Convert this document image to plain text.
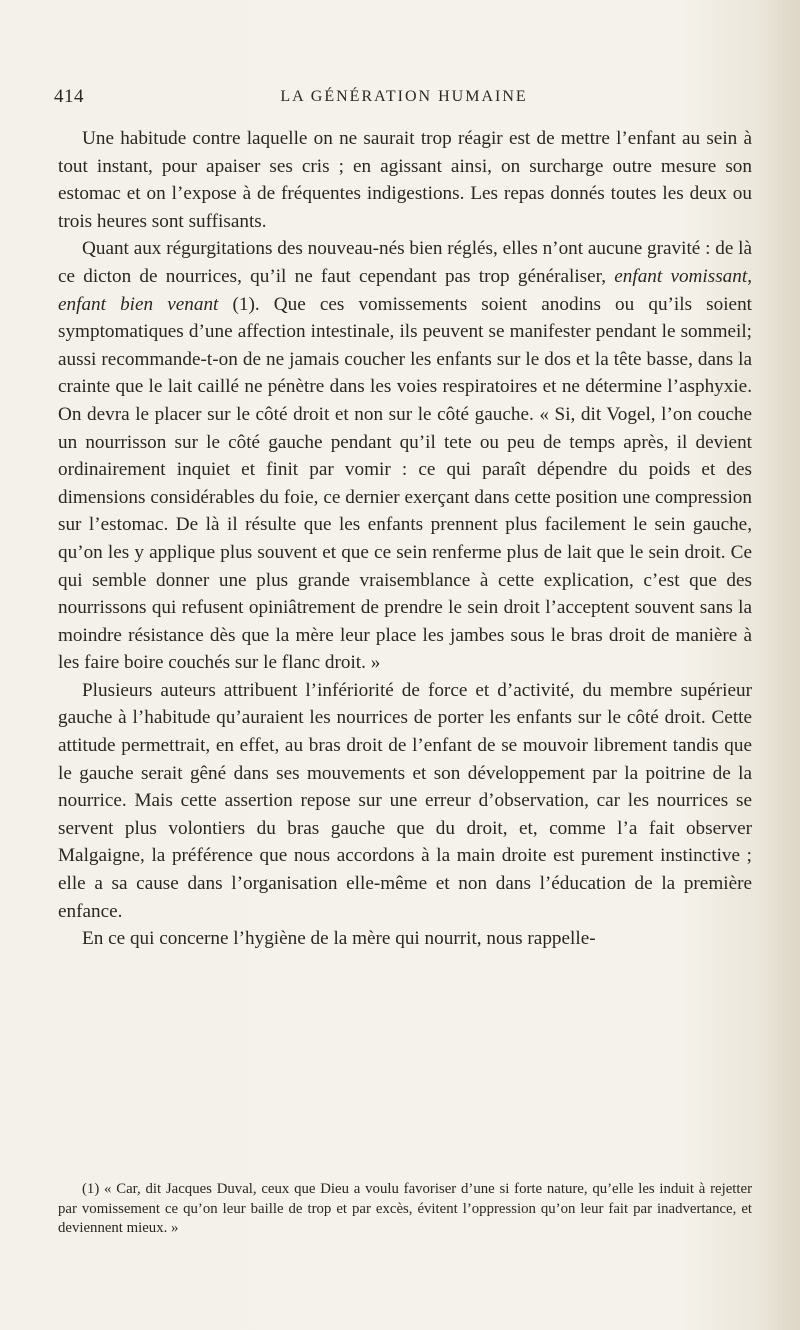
414	LA GÉNÉRATION HUMAINE

Une habitude contre laquelle on ne saurait trop réagir est de mettre l’enfant au sein à tout instant, pour apaiser ses cris ; en agissant ainsi, on surcharge outre mesure son estomac et on l’expose à de fréquentes indigestions. Les repas donnés toutes les deux ou trois heures sont suffisants.

Quant aux régurgitations des nouveau-nés bien réglés, elles n’ont aucune gravité : de là ce dicton de nourrices, qu’il ne faut cependant pas trop généraliser, enfant vomissant, enfant bien venant (1). Que ces vomissements soient anodins ou qu’ils soient symptomatiques d’une affection intestinale, ils peuvent se manifester pendant le sommeil; aussi recommande-t-on de ne jamais coucher les enfants sur le dos et la tête basse, dans la crainte que le lait caillé ne pénètre dans les voies respiratoires et ne détermine l’asphyxie. On devra le placer sur le côté droit et non sur le côté gauche. « Si, dit Vogel, l’on couche un nourrisson sur le côté gauche pendant qu’il tete ou peu de temps après, il devient ordinairement inquiet et finit par vomir : ce qui paraît dépendre du poids et des dimensions considérables du foie, ce dernier exerçant dans cette position une compression sur l’estomac. De là il résulte que les enfants prennent plus facilement le sein gauche, qu’on les y applique plus souvent et que ce sein renferme plus de lait que le sein droit. Ce qui semble donner une plus grande vraisemblance à cette explication, c’est que des nourrissons qui refusent opiniâtrement de prendre le sein droit l’acceptent souvent sans la moindre résistance dès que la mère leur place les jambes sous le bras droit de manière à les faire boire couchés sur le flanc droit. »

Plusieurs auteurs attribuent l’infériorité de force et d’activité, du membre supérieur gauche à l’habitude qu’auraient les nourrices de porter les enfants sur le côté droit. Cette attitude permettrait, en effet, au bras droit de l’enfant de se mouvoir librement tandis que le gauche serait gêné dans ses mouvements et son développement par la poitrine de la nourrice. Mais cette assertion repose sur une erreur d’observation, car les nourrices se servent plus volontiers du bras gauche que du droit, et, comme l’a fait observer Malgaigne, la préférence que nous accordons à la main droite est purement instinctive ; elle a sa cause dans l’organisation elle-même et non dans l’éducation de la première enfance.

En ce qui concerne l’hygiène de la mère qui nourrit, nous rappelle-

(1) « Car, dit Jacques Duval, ceux que Dieu a voulu favoriser d’une si forte nature, qu’elle les induit à rejetter par vomissement ce qu’on leur baille de trop et par excès, évitent l’oppression qu’on leur fait par inadvertance, et deviennent mieux. »
